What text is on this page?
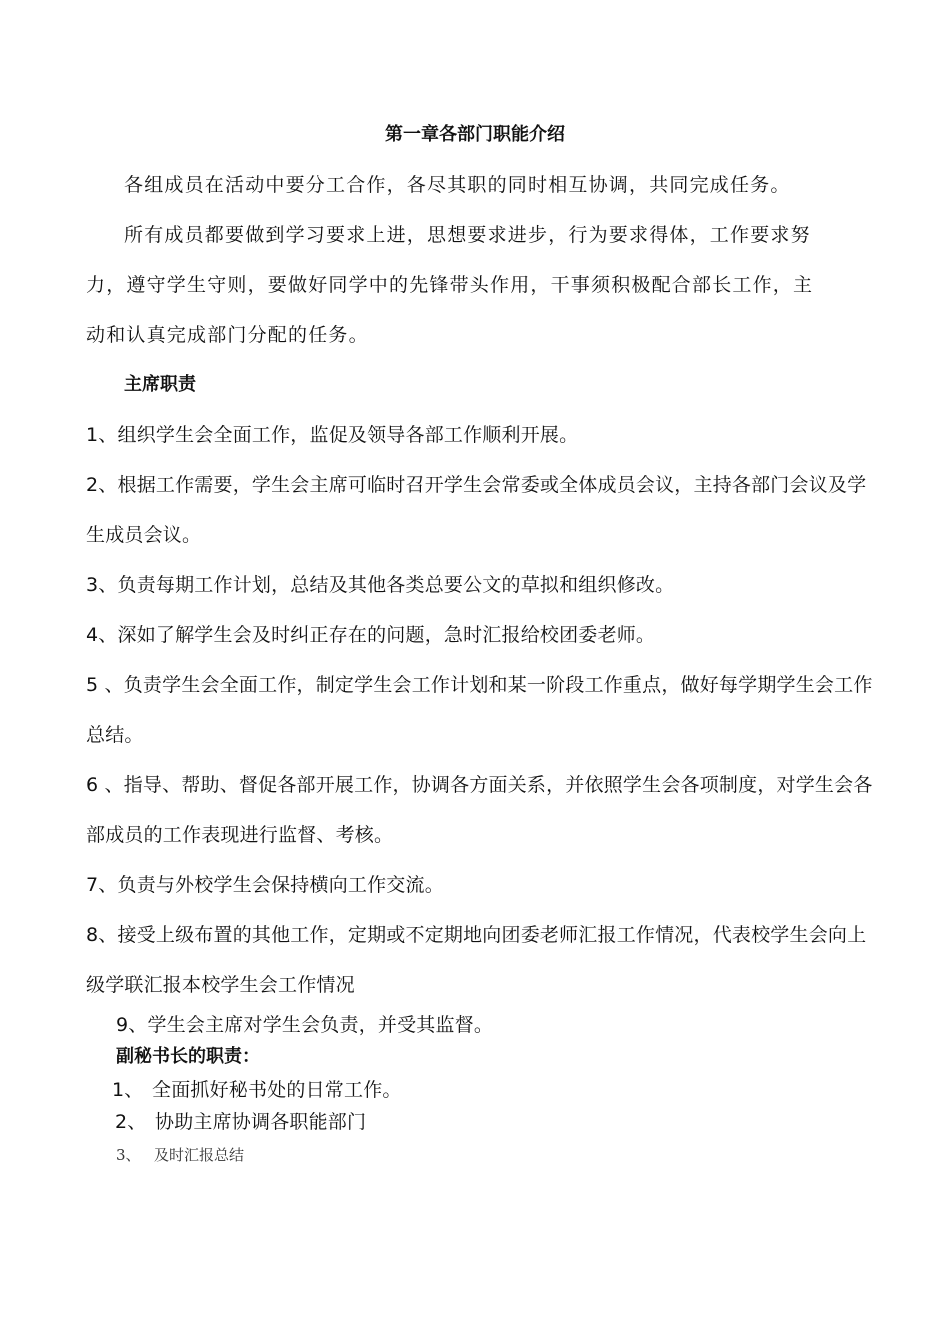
第一章各部门职能介绍
各组成员在活动中要分工合作，各尽其职的同时相互协调，共同完成任务。
所有成员都要做到学习要求上进，思想要求进步，行为要求得体，工作要求努
力，遵守学生守则，要做好同学中的先锋带头作用，干事须积极配合部长工作，主
动和认真完成部门分配的任务。
主席职责
1、组织学生会全面工作，监促及领导各部工作顺利开展。
2、根据工作需要，学生会主席可临时召开学生会常委或全体成员会议，主持各部门会议及学
生成员会议。
3、负责每期工作计划，总结及其他各类总要公文的草拟和组织修改。
4、深如了解学生会及时纠正存在的问题，急时汇报给校团委老师。
5 、负责学生会全面工作，制定学生会工作计划和某一阶段工作重点，做好每学期学生会工作
总结。
6 、指导、帮助、督促各部开展工作，协调各方面关系，并依照学生会各项制度，对学生会各
部成员的工作表现进行监督、考核。
7、负责与外校学生会保持横向工作交流。
8、接受上级布置的其他工作，定期或不定期地向团委老师汇报工作情况，代表校学生会向上
级学联汇报本校学生会工作情况
9、学生会主席对学生会负责，并受其监督。
副秘书长的职责：
1、 全面抓好秘书处的日常工作。
2、 协助主席协调各职能部门
3、 及时汇报总结
